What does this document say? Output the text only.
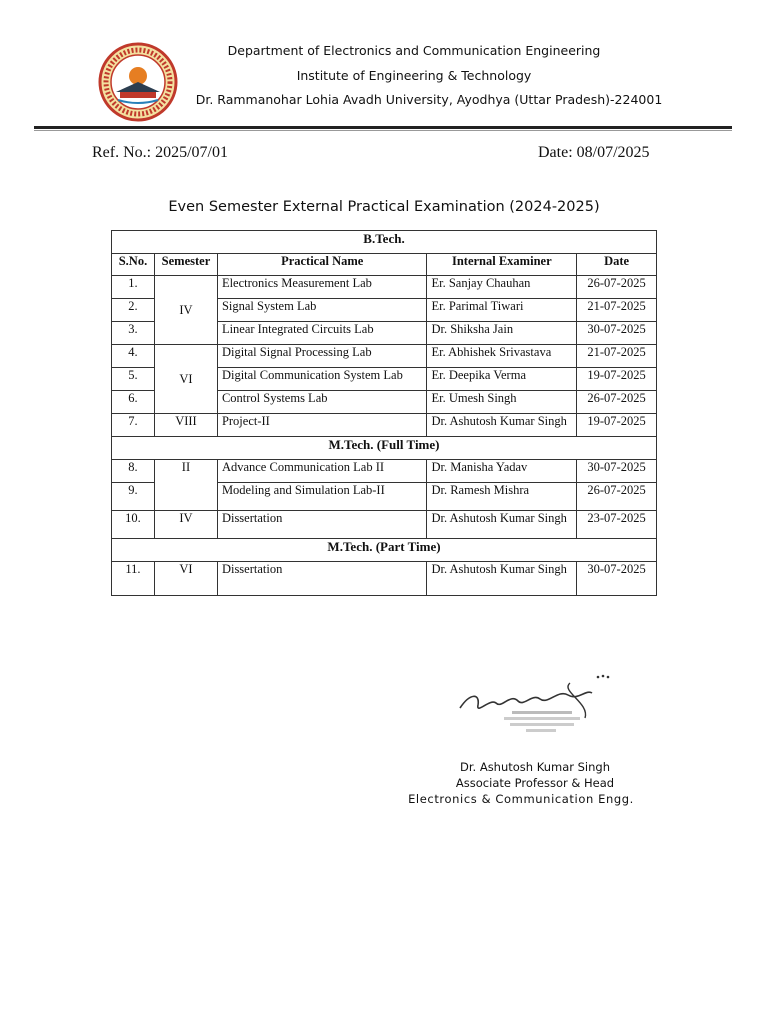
Department of Electronics and Communication Engineering
Institute of Engineering & Technology
Dr. Rammanohar Lohia Avadh University, Ayodhya (Uttar Pradesh)-224001
Ref. No.: 2025/07/01	Date: 08/07/2025
Even Semester External Practical Examination (2024-2025)
B.Tech.				
S.No.	Semester	Practical Name	Internal Examiner	Date
1.	IV	Electronics Measurement Lab	Er. Sanjay Chauhan	26-07-2025
2.		Signal System Lab	Er. Parimal Tiwari	21-07-2025
3.		Linear Integrated Circuits Lab	Dr. Shiksha Jain	30-07-2025
4.	VI	Digital Signal Processing Lab	Er. Abhishek Srivastava	21-07-2025
5.		Digital Communication System Lab	Er. Deepika Verma	19-07-2025
6.		Control Systems Lab	Er. Umesh Singh	26-07-2025
7.	VIII	Project-II	Dr. Ashutosh Kumar Singh	19-07-2025
M.Tech. (Full Time)				
8.	II	Advance Communication Lab II	Dr. Manisha Yadav	30-07-2025
9.		Modeling and Simulation Lab-II	Dr. Ramesh Mishra	26-07-2025
10.	IV	Dissertation	Dr. Ashutosh Kumar Singh	23-07-2025
M.Tech. (Part Time)				
11.	VI	Dissertation	Dr. Ashutosh Kumar Singh	30-07-2025
Dr. Ashutosh Kumar Singh
Associate Professor & Head
Electronics & Communication Engg.
